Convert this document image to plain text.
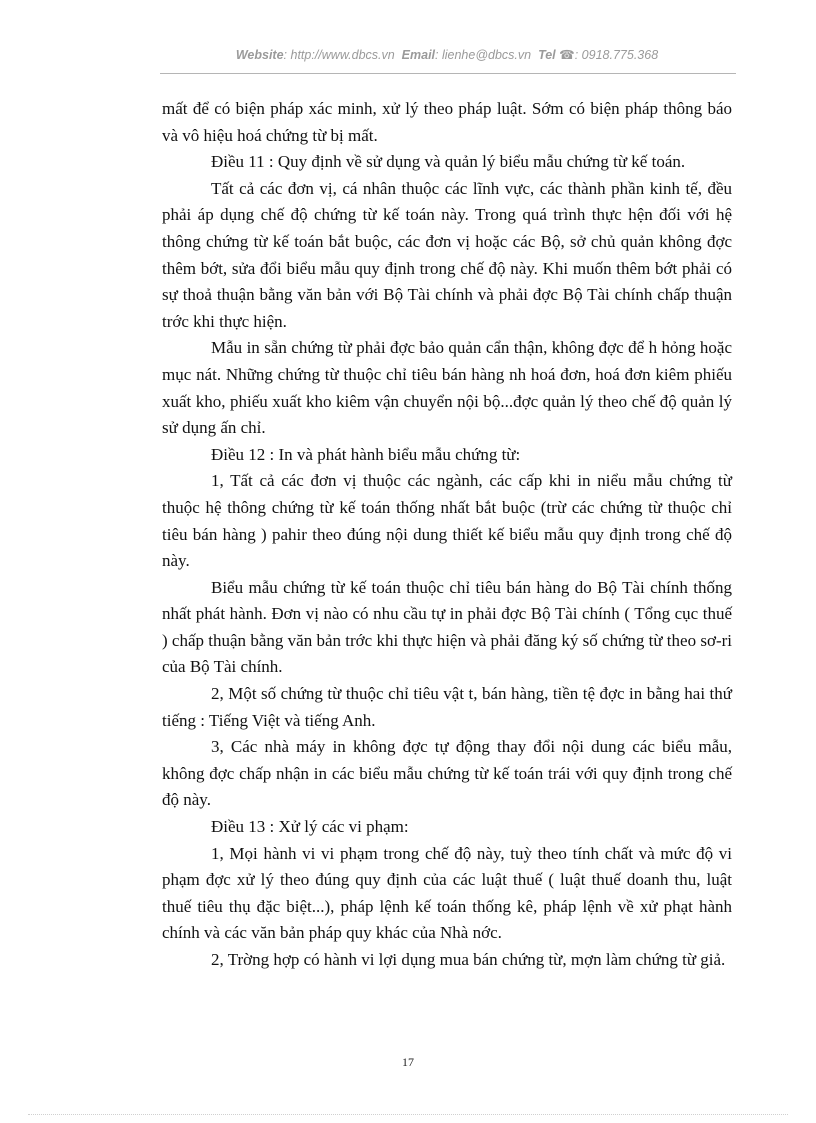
Website: http://www.dbcs.vn Email: lienhe@dbcs.vn Tel ☎: 0918.775.368

mất để có biện pháp xác minh, xử lý theo pháp luật. Sớm có biện pháp thông báo và vô hiệu hoá chứng từ bị mất.

Điều 11 : Quy định về sử dụng và quản lý biểu mẫu chứng từ kế toán.

Tất cả các đơn vị, cá nhân thuộc các lĩnh vực, các thành phần kinh tế, đều phải áp dụng chế độ chứng từ kế toán này. Trong quá trình thực hện đối với hệ thông chứng từ kế toán bắt buộc, các đơn vị hoặc các Bộ, sở chủ quản không đợc thêm bớt, sửa đổi biểu mẫu quy định trong chế độ này. Khi muốn thêm bớt phải có sự thoả thuận bằng văn bản với Bộ Tài chính và phải đợc Bộ Tài chính chấp thuận trớc khi thực hiện.

Mẫu in sẵn chứng từ phải đợc bảo quản cẩn thận, không đợc để h hỏng hoặc mục nát. Những chứng từ thuộc chỉ tiêu bán hàng nh hoá đơn, hoá đơn kiêm phiếu xuất kho, phiếu xuất kho kiêm vận chuyển nội bộ...đợc quản lý theo chế độ quản lý sử dụng ấn chỉ.

Điều 12 : In và phát hành biểu mẫu chứng từ:

1, Tất cả các đơn vị thuộc các ngành, các cấp khi in niểu mẫu chứng từ thuộc hệ thông chứng từ kế toán thống nhất bắt buộc (trừ các chứng từ thuộc chỉ tiêu bán hàng ) pahir theo đúng nội dung thiết kế biểu mẫu quy định trong chế độ này.

Biểu mẫu chứng từ kế toán thuộc chỉ tiêu bán hàng do Bộ Tài chính thống nhất phát hành. Đơn vị nào có nhu cầu tự in phải đợc Bộ Tài chính ( Tổng cục thuế ) chấp thuận bằng văn bản trớc khi thực hiện và phải đăng ký số chứng từ theo sơ-ri của Bộ Tài chính.

2, Một số chứng từ thuộc chỉ tiêu vật t, bán hàng, tiền tệ đợc in bằng hai thứ tiếng : Tiếng Việt và tiếng Anh.

3, Các nhà máy in không đợc tự động thay đổi nội dung các biểu mẫu, không đợc chấp nhận in các biểu mẫu chứng từ kế toán trái với quy định trong chế độ này.

Điều 13 : Xử lý các vi phạm:

1, Mọi hành vi vi phạm trong chế độ này, tuỳ theo tính chất và mức độ vi phạm đợc xử lý theo đúng quy định của các luật thuế ( luật thuế doanh thu, luật thuế tiêu thụ đặc biệt...), pháp lệnh kế toán thống kê, pháp lệnh về xử phạt hành chính và các văn bản pháp quy khác của Nhà nớc.

2, Trờng hợp có hành vi lợi dụng mua bán chứng từ, mợn làm chứng từ giả.

17
